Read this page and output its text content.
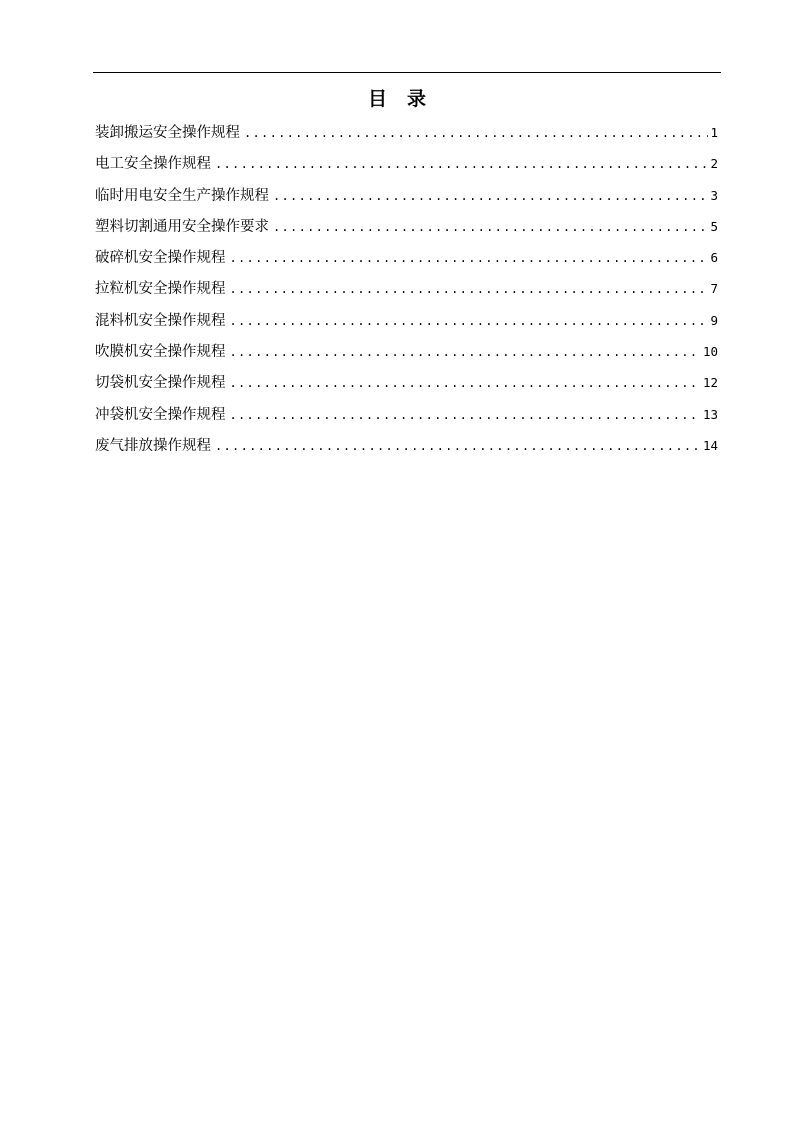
目 录
装卸搬运安全操作规程 .....	1
电工安全操作规程 .....	2
临时用电安全生产操作规程 .....	3
塑料切割通用安全操作要求 .....	5
破碎机安全操作规程 .....	6
拉粒机安全操作规程 .....	7
混料机安全操作规程 .....	9
吹膜机安全操作规程 .....	10
切袋机安全操作规程 .....	12
冲袋机安全操作规程 .....	13
废气排放操作规程 .....	14
